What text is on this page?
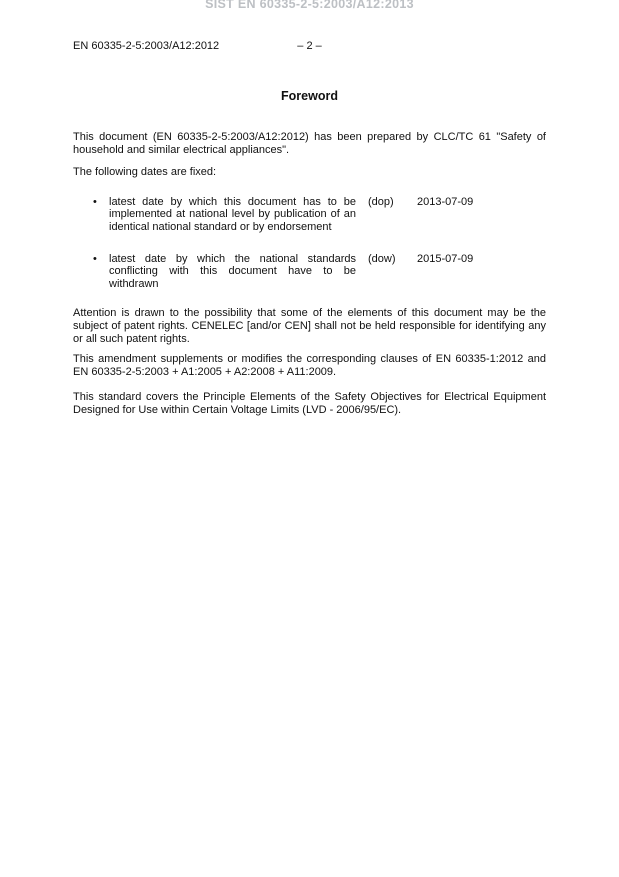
SIST EN 60335-2-5:2003/A12:2013
EN 60335-2-5:2003/A12:2012	– 2 –
Foreword

This document (EN 60335-2-5:2003/A12:2012) has been prepared by CLC/TC 61 "Safety of household and similar electrical appliances".

The following dates are fixed:

•	latest date by which this document has to be implemented at national level by publication of an identical national standard or by endorsement
(dop)	2013-07-09
•	latest date by which the national standards conflicting with this document have to be withdrawn
(dow)	2015-07-09

Attention is drawn to the possibility that some of the elements of this document may be the subject of patent rights. CENELEC [and/or CEN] shall not be held responsible for identifying any or all such patent rights.

This amendment supplements or modifies the corresponding clauses of EN 60335-1:2012 and EN 60335-2-5:2003 + A1:2005 + A2:2008 + A11:2009.

This standard covers the Principle Elements of the Safety Objectives for Electrical Equipment Designed for Use within Certain Voltage Limits (LVD - 2006/95/EC).
